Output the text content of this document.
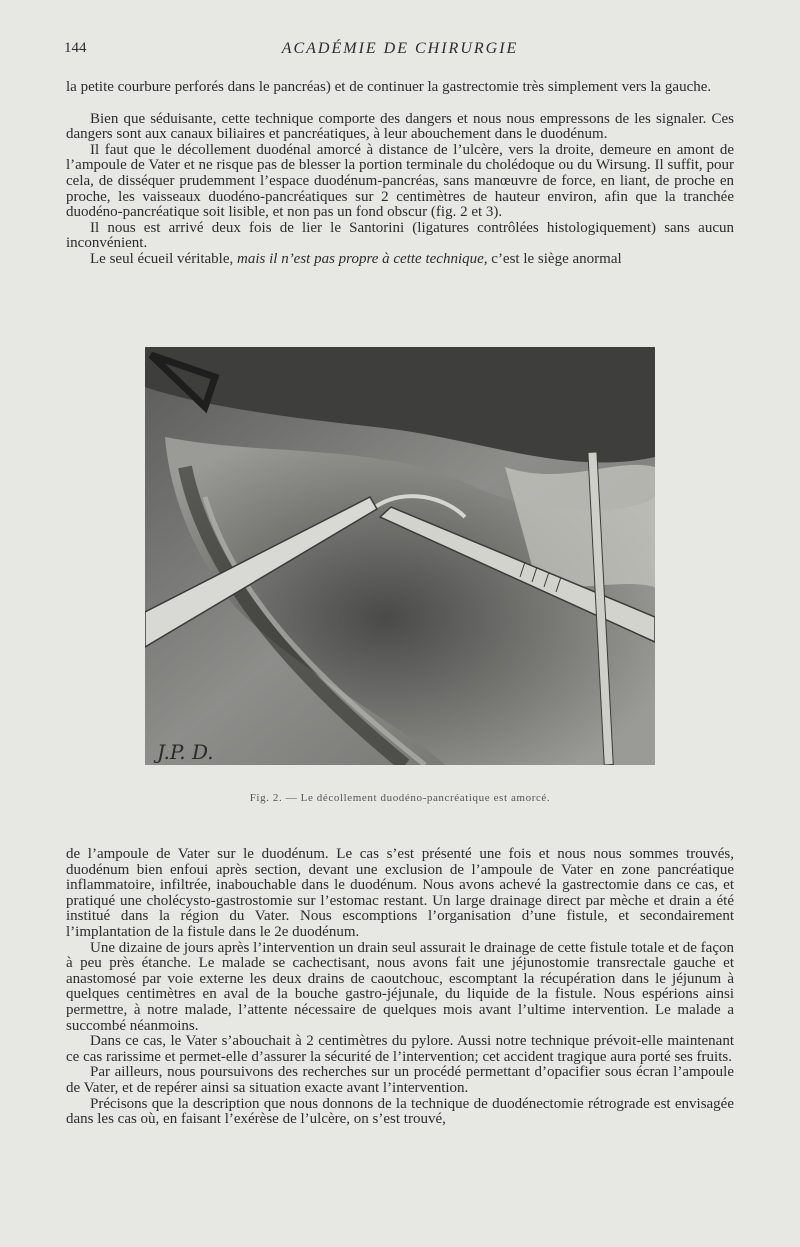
144	ACADÉMIE DE CHIRURGIE

la petite courbure perforés dans le pancréas) et de continuer la gastrectomie très simplement vers la gauche.

Bien que séduisante, cette technique comporte des dangers et nous nous empressons de les signaler. Ces dangers sont aux canaux biliaires et pancréatiques, à leur abouchement dans le duodénum.

Il faut que le décollement duodénal amorcé à distance de l’ulcère, vers la droite, demeure en amont de l’ampoule de Vater et ne risque pas de blesser la portion terminale du cholédoque ou du Wirsung. Il suffit, pour cela, de disséquer prudemment l’espace duodénum-pancréas, sans manœuvre de force, en liant, de proche en proche, les vaisseaux duodéno-pancréatiques sur 2 centimètres de hauteur environ, afin que la tranchée duodéno-pancréatique soit lisible, et non pas un fond obscur (fig. 2 et 3).

Il nous est arrivé deux fois de lier le Santorini (ligatures contrôlées histologiquement) sans aucun inconvénient.

Le seul écueil véritable, mais il n’est pas propre à cette technique, c’est le siège anormal

J.P. D.
Fig. 2. — Le décollement duodéno-pancréatique est amorcé.

de l’ampoule de Vater sur le duodénum. Le cas s’est présenté une fois et nous nous sommes trouvés, duodénum bien enfoui après section, devant une exclusion de l’ampoule de Vater en zone pancréatique inflammatoire, infiltrée, inabouchable dans le duodénum. Nous avons achevé la gastrectomie dans ce cas, et pratiqué une cholécysto-gastrostomie sur l’estomac restant. Un large drainage direct par mèche et drain a été institué dans la région du Vater. Nous escomptions l’organisation d’une fistule, et secondairement l’implantation de la fistule dans le 2e duodénum.

Une dizaine de jours après l’intervention un drain seul assurait le drainage de cette fistule totale et de façon à peu près étanche. Le malade se cachectisant, nous avons fait une jéjunostomie transrectale gauche et anastomosé par voie externe les deux drains de caoutchouc, escomptant la récupération dans le jéjunum à quelques centimètres en aval de la bouche gastro-jéjunale, du liquide de la fistule. Nous espérions ainsi permettre, à notre malade, l’attente nécessaire de quelques mois avant l’ultime intervention. Le malade a succombé néanmoins.

Dans ce cas, le Vater s’abouchait à 2 centimètres du pylore. Aussi notre technique prévoit-elle maintenant ce cas rarissime et permet-elle d’assurer la sécurité de l’intervention; cet accident tragique aura porté ses fruits.

Par ailleurs, nous poursuivons des recherches sur un procédé permettant d’opacifier sous écran l’ampoule de Vater, et de repérer ainsi sa situation exacte avant l’intervention.

Précisons que la description que nous donnons de la technique de duodénectomie rétrograde est envisagée dans les cas où, en faisant l’exérèse de l’ulcère, on s’est trouvé,
